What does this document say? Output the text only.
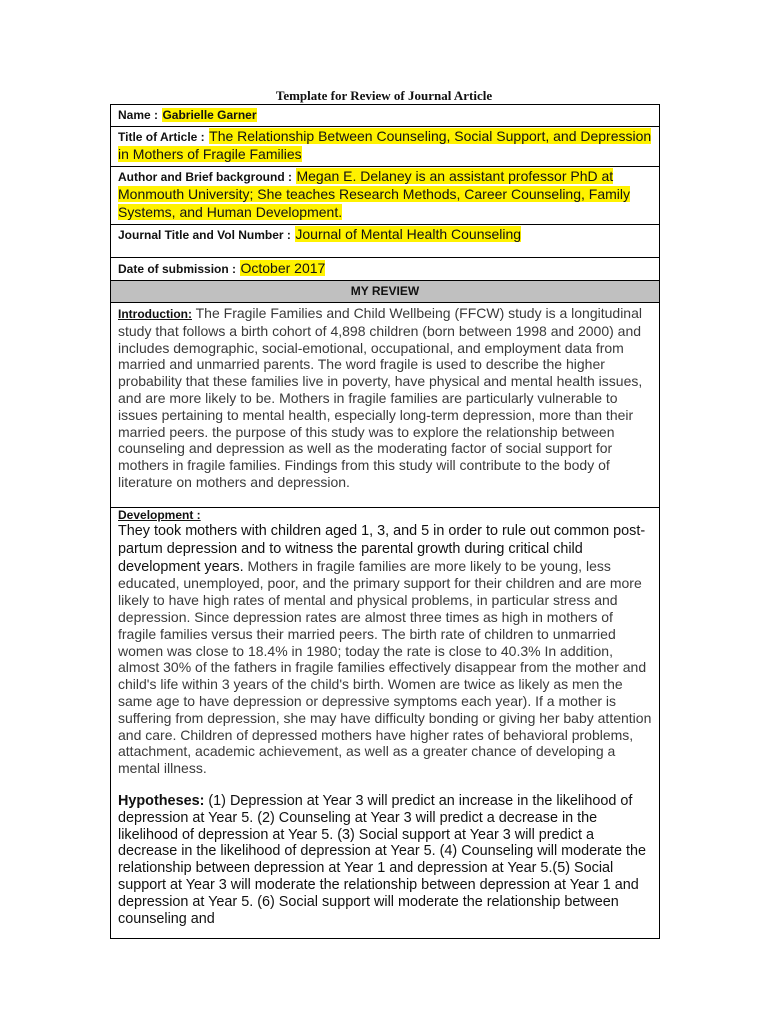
Template for Review of Journal Article
Name : Gabrielle Garner
Title of Article : The Relationship Between Counseling, Social Support, and Depression in Mothers of Fragile Families
Author and Brief background : Megan E. Delaney is an assistant professor PhD at Monmouth University; She teaches Research Methods, Career Counseling, Family Systems, and Human Development.
Journal Title and Vol Number : Journal of Mental Health Counseling
Date of submission : October 2017
MY REVIEW

Introduction: The Fragile Families and Child Wellbeing (FFCW) study is a longitudinal study that follows a birth cohort of 4,898 children (born between 1998 and 2000) and includes demographic, social-emotional, occupational, and employment data from married and unmarried parents. The word fragile is used to describe the higher probability that these families live in poverty, have physical and mental health issues, and are more likely to be. Mothers in fragile families are particularly vulnerable to issues pertaining to mental health, especially long-term depression, more than their married peers. the purpose of this study was to explore the relationship between counseling and depression as well as the moderating factor of social support for mothers in fragile families. Findings from this study will contribute to the body of literature on mothers and depression.

Development :
They took mothers with children aged 1, 3, and 5 in order to rule out common post-partum depression and to witness the parental growth during critical child development years. Mothers in fragile families are more likely to be young, less educated, unemployed, poor, and the primary support for their children and are more likely to have high rates of mental and physical problems, in particular stress and depression. Since depression rates are almost three times as high in mothers of fragile families versus their married peers. The birth rate of children to unmarried women was close to 18.4% in 1980; today the rate is close to 40.3% In addition, almost 30% of the fathers in fragile families effectively disappear from the mother and child's life within 3 years of the child's birth. Women are twice as likely as men the same age to have depression or depressive symptoms each year). If a mother is suffering from depression, she may have difficulty bonding or giving her baby attention and care. Children of depressed mothers have higher rates of behavioral problems, attachment, academic achievement, as well as a greater chance of developing a mental illness.
Hypotheses: (1) Depression at Year 3 will predict an increase in the likelihood of depression at Year 5. (2) Counseling at Year 3 will predict a decrease in the likelihood of depression at Year 5. (3) Social support at Year 3 will predict a decrease in the likelihood of depression at Year 5. (4) Counseling will moderate the relationship between depression at Year 1 and depression at Year 5.(5) Social support at Year 3 will moderate the relationship between depression at Year 1 and depression at Year 5. (6) Social support will moderate the relationship between counseling and
